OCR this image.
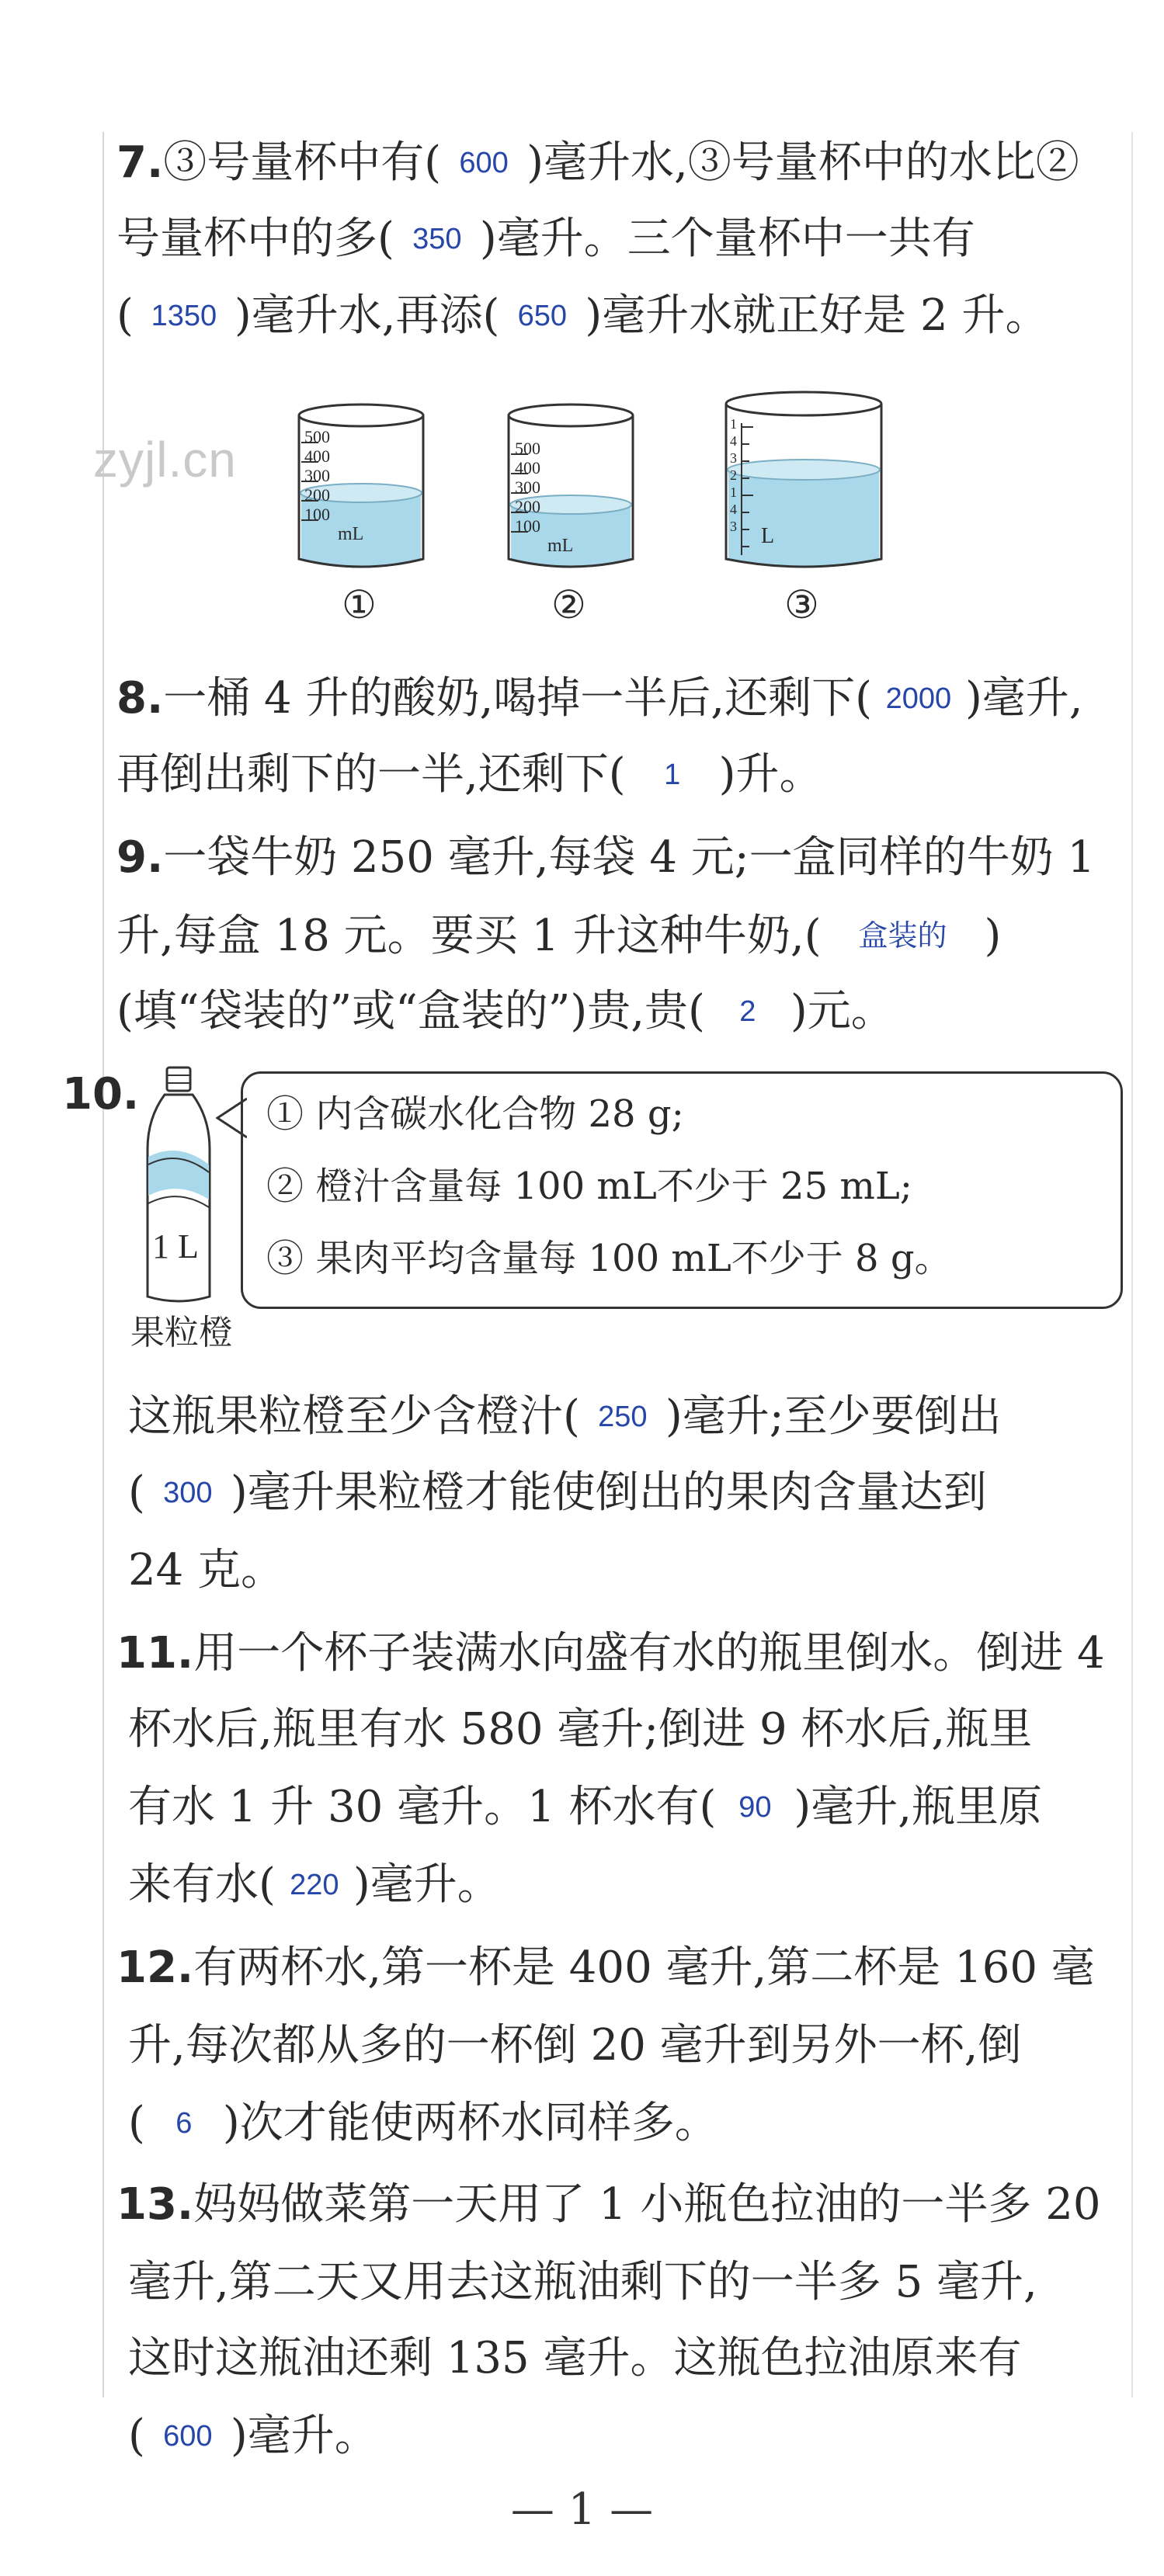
7.③号量杯中有( 600 )毫升水,③号量杯中的水比②
号量杯中的多( 350 )毫升。三个量杯中一共有
( 1350 )毫升水,再添( 650 )毫升水就正好是 2 升。
zyjl.cn	500
400
300
200
100
mL
①
500
400
300
200
100
mL
②
1
4
3
2
1
4
3 L
③
8.一桶 4 升的酸奶,喝掉一半后,还剩下( 2000 )毫升,
再倒出剩下的一半,还剩下( 1 )升。
9.一袋牛奶 250 毫升,每袋 4 元;一盒同样的牛奶 1
升,每盒 18 元。要买 1 升这种牛奶,( 盒装的 )
(填“袋装的”或“盒装的”)贵,贵( 2 )元。
10.
1 L
果粒橙
① 内含碳水化合物 28 g;
② 橙汁含量每 100 mL不少于 25 mL;
③ 果肉平均含量每 100 mL不少于 8 g。
这瓶果粒橙至少含橙汁( 250 )毫升;至少要倒出
( 300 )毫升果粒橙才能使倒出的果肉含量达到
24 克。
11.用一个杯子装满水向盛有水的瓶里倒水。倒进 4
杯水后,瓶里有水 580 毫升;倒进 9 杯水后,瓶里
有水 1 升 30 毫升。1 杯水有( 90 )毫升,瓶里原
来有水( 220 )毫升。
12.有两杯水,第一杯是 400 毫升,第二杯是 160 毫
升,每次都从多的一杯倒 20 毫升到另外一杯,倒
( 6 )次才能使两杯水同样多。
13.妈妈做菜第一天用了 1 小瓶色拉油的一半多 20
毫升,第二天又用去这瓶油剩下的一半多 5 毫升,
这时这瓶油还剩 135 毫升。这瓶色拉油原来有
( 600 )毫升。
— 1 —
